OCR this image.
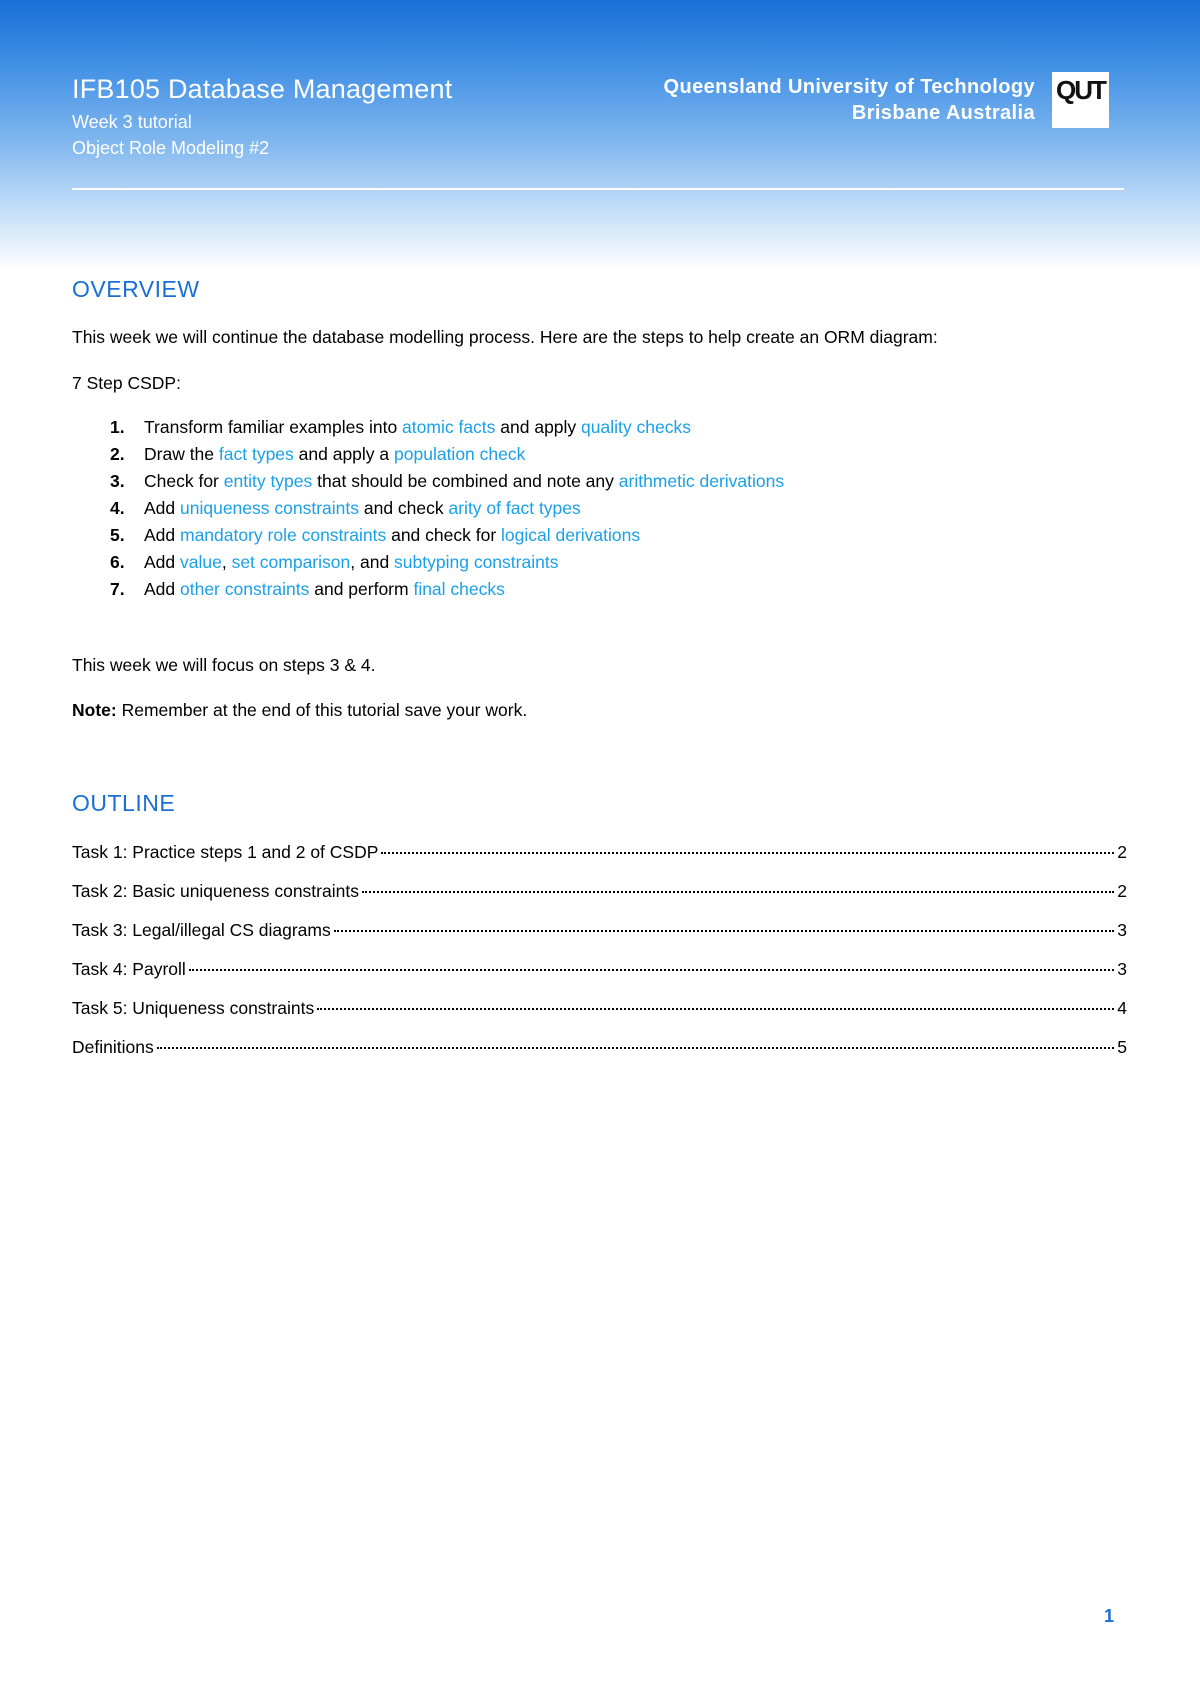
IFB105 Database Management
Week 3 tutorial
Object Role Modeling #2
Queensland University of Technology
Brisbane Australia
QUT
OVERVIEW
This week we will continue the database modelling process. Here are the steps to help create an ORM diagram:
7 Step CSDP:
1. Transform familiar examples into atomic facts and apply quality checks
2. Draw the fact types and apply a population check
3. Check for entity types that should be combined and note any arithmetic derivations
4. Add uniqueness constraints and check arity of fact types
5. Add mandatory role constraints and check for logical derivations
6. Add value, set comparison, and subtyping constraints
7. Add other constraints and perform final checks
This week we will focus on steps 3 & 4.
Note: Remember at the end of this tutorial save your work.
OUTLINE
Task 1: Practice steps 1 and 2 of CSDP	2
Task 2: Basic uniqueness constraints	2
Task 3: Legal/illegal CS diagrams	3
Task 4: Payroll	3
Task 5: Uniqueness constraints	4
Definitions	5
1
